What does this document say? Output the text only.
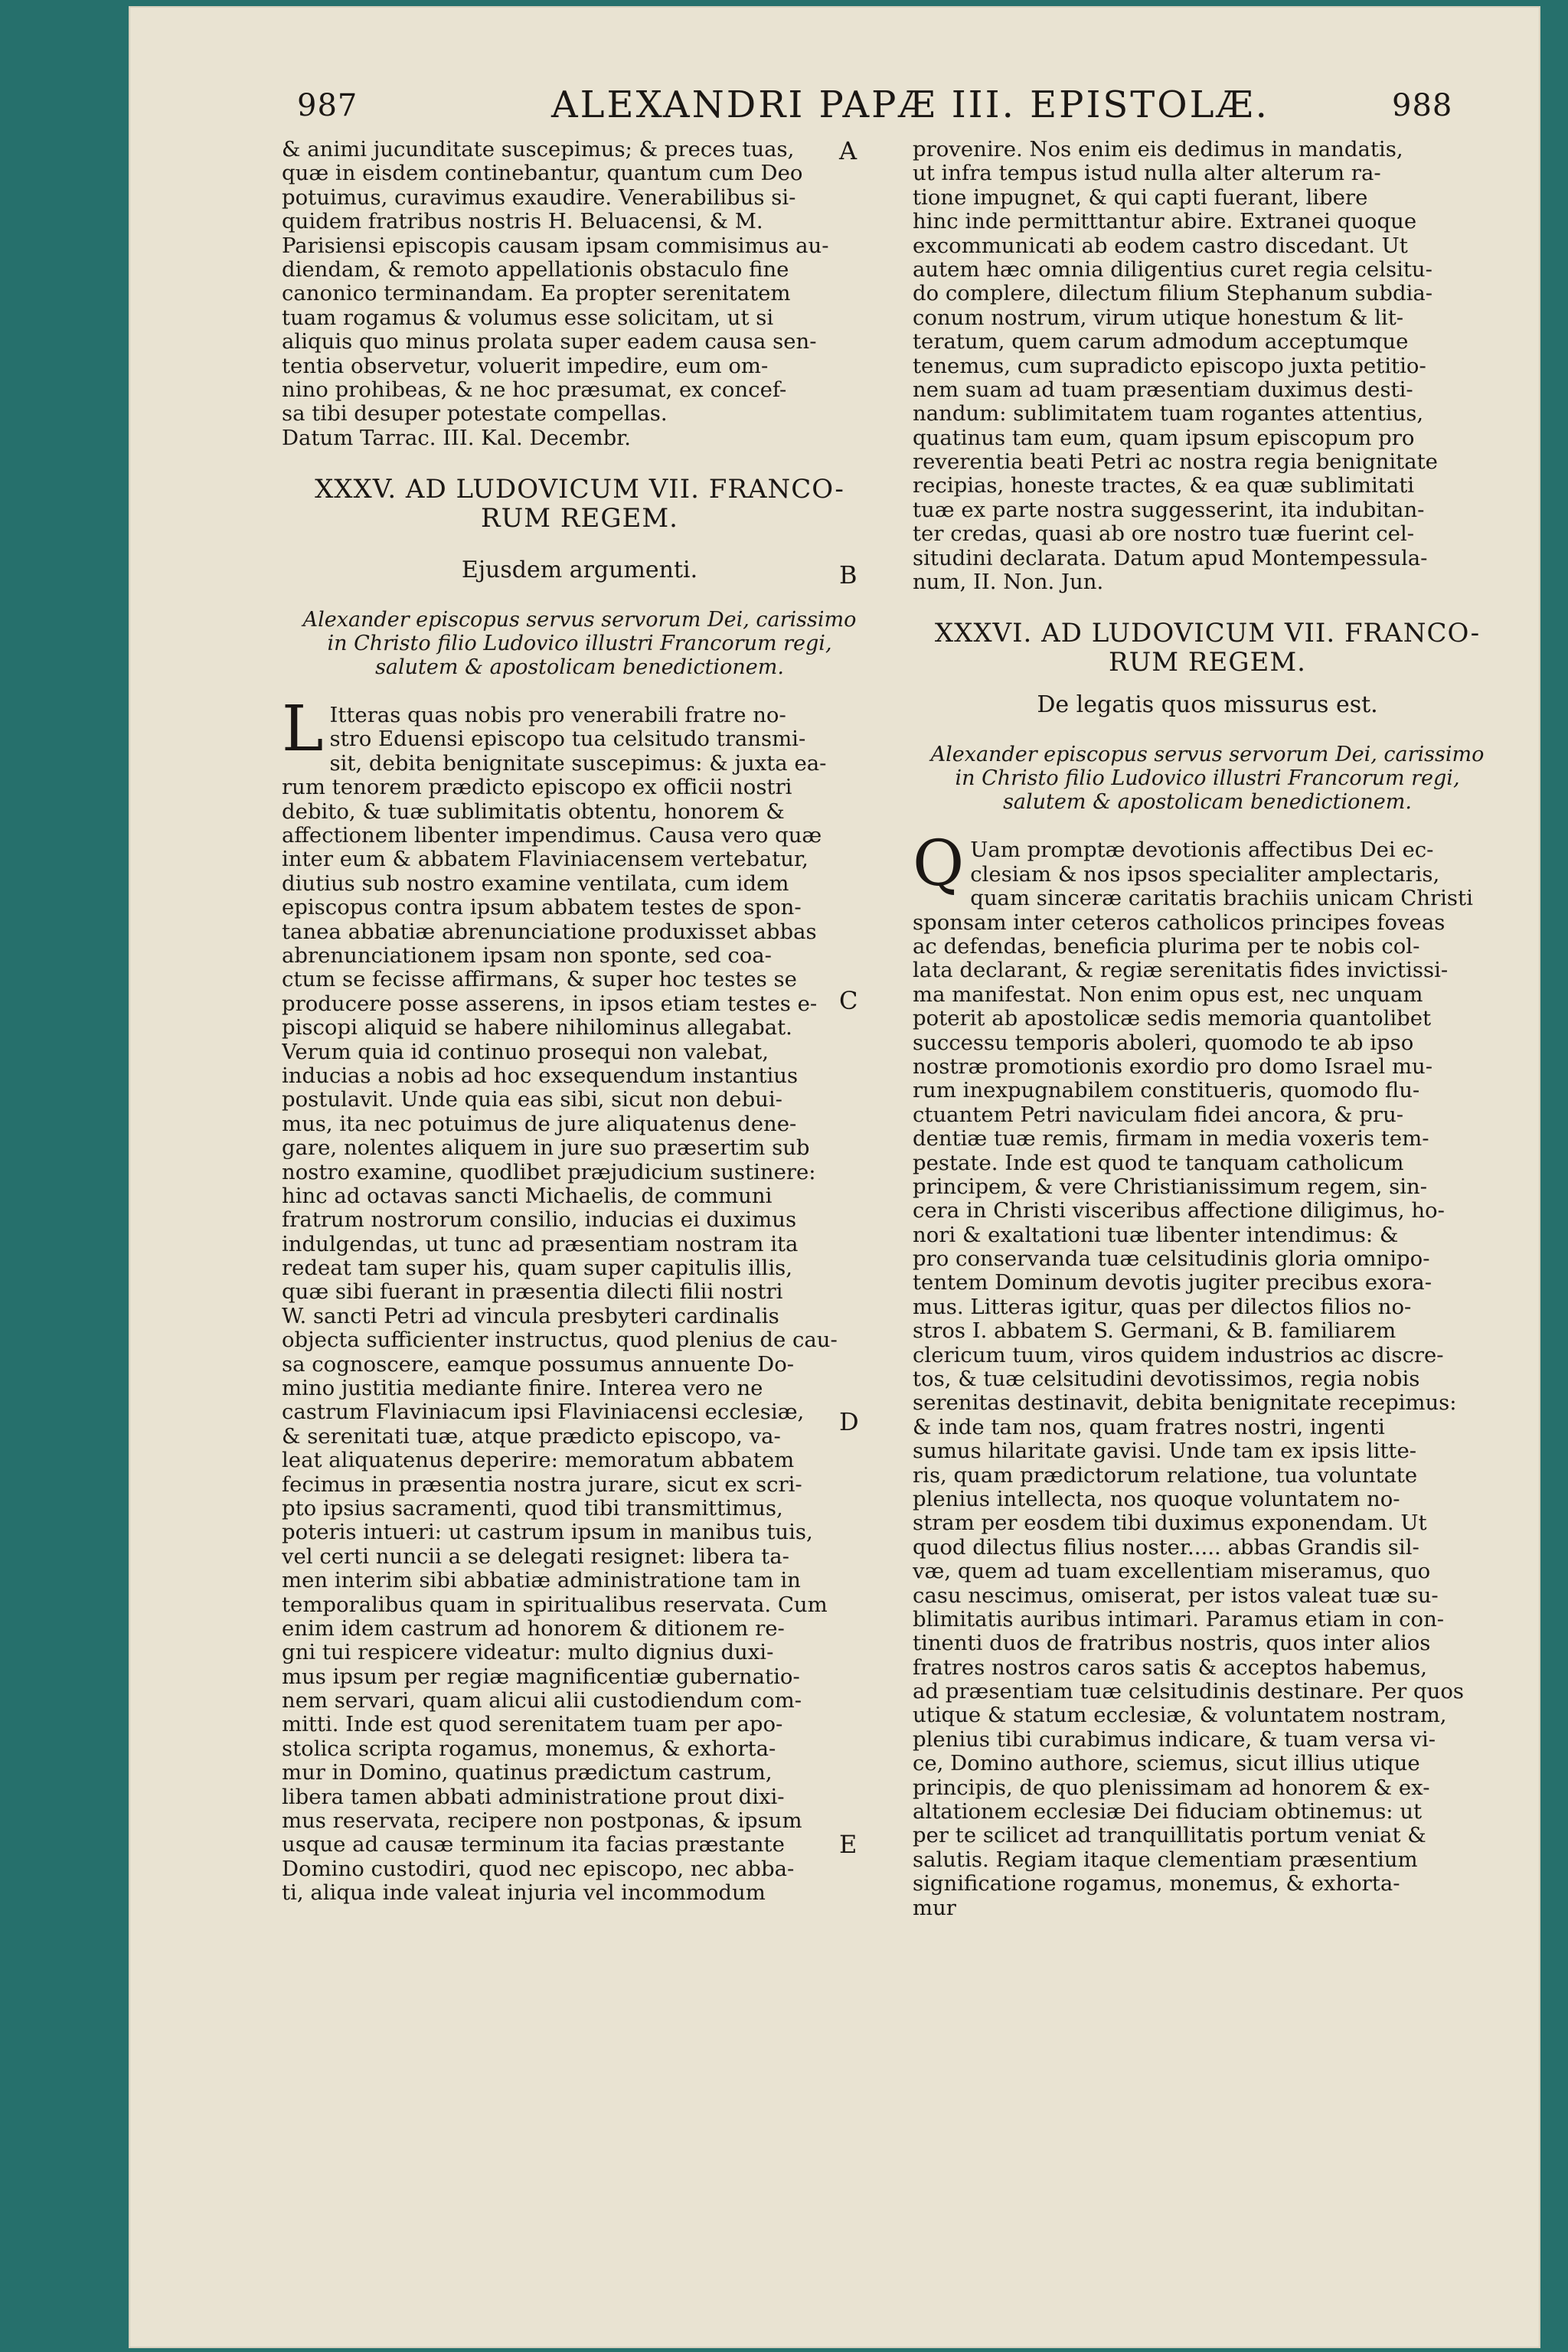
987	ALEXANDRI PAPÆ III. EPISTOLÆ.	988
A
B
C
D
E
& animi jucunditate suscepimus; & preces tuas,
quæ in eisdem continebantur, quantum cum Deo
potuimus, curavimus exaudire. Venerabilibus si-
quidem fratribus nostris H. Beluacensi, & M.
Parisiensi episcopis causam ipsam commisimus au-
diendam, & remoto appellationis obstaculo fine
canonico terminandam. Ea propter serenitatem
tuam rogamus & volumus esse solicitam, ut si
aliquis quo minus prolata super eadem causa sen-
tentia observetur, voluerit impedire, eum om-
nino prohibeas, & ne hoc præsumat, ex concef-
sa tibi desuper potestate compellas.
Datum Tarrac. III. Kal. Decembr.
XXXV. AD LUDOVICUM VII. FRANCO-
RUM REGEM.
Ejusdem argumenti.
Alexander episcopus servus servorum Dei, carissimo
in Christo filio Ludovico illustri Francorum regi,
salutem & apostolicam benedictionem.
L Itteras quas nobis pro venerabili fratre no-
stro Eduensi episcopo tua celsitudo transmi-
sit, debita benignitate suscepimus: & juxta ea-
rum tenorem prædicto episcopo ex officii nostri
debito, & tuæ sublimitatis obtentu, honorem &
affectionem libenter impendimus. Causa vero quæ
inter eum & abbatem Flaviniacensem vertebatur,
diutius sub nostro examine ventilata, cum idem
episcopus contra ipsum abbatem testes de spon-
tanea abbatiæ abrenunciatione produxisset abbas
abrenunciationem ipsam non sponte, sed coa-
ctum se fecisse affirmans, & super hoc testes se
producere posse asserens, in ipsos etiam testes e-
piscopi aliquid se habere nihilominus allegabat.
Verum quia id continuo prosequi non valebat,
inducias a nobis ad hoc exsequendum instantius
postulavit. Unde quia eas sibi, sicut non debui-
mus, ita nec potuimus de jure aliquatenus dene-
gare, nolentes aliquem in jure suo præsertim sub
nostro examine, quodlibet præjudicium sustinere:
hinc ad octavas sancti Michaelis, de communi
fratrum nostrorum consilio, inducias ei duximus
indulgendas, ut tunc ad præsentiam nostram ita
redeat tam super his, quam super capitulis illis,
quæ sibi fuerant in præsentia dilecti filii nostri
W. sancti Petri ad vincula presbyteri cardinalis
objecta sufficienter instructus, quod plenius de cau-
sa cognoscere, eamque possumus annuente Do-
mino justitia mediante finire. Interea vero ne
castrum Flaviniacum ipsi Flaviniacensi ecclesiæ,
& serenitati tuæ, atque prædicto episcopo, va-
leat aliquatenus deperire: memoratum abbatem
fecimus in præsentia nostra jurare, sicut ex scri-
pto ipsius sacramenti, quod tibi transmittimus,
poteris intueri: ut castrum ipsum in manibus tuis,
vel certi nuncii a se delegati resignet: libera ta-
men interim sibi abbatiæ administratione tam in
temporalibus quam in spiritualibus reservata. Cum
enim idem castrum ad honorem & ditionem re-
gni tui respicere videatur: multo dignius duxi-
mus ipsum per regiæ magnificentiæ gubernatio-
nem servari, quam alicui alii custodiendum com-
mitti. Inde est quod serenitatem tuam per apo-
stolica scripta rogamus, monemus, & exhorta-
mur in Domino, quatinus prædictum castrum,
libera tamen abbati administratione prout dixi-
mus reservata, recipere non postponas, & ipsum
usque ad causæ terminum ita facias præstante
Domino custodiri, quod nec episcopo, nec abba-
ti, aliqua inde valeat injuria vel incommodum
provenire. Nos enim eis dedimus in mandatis,
ut infra tempus istud nulla alter alterum ra-
tione impugnet, & qui capti fuerant, libere
hinc inde permitttantur abire. Extranei quoque
excommunicati ab eodem castro discedant. Ut
autem hæc omnia diligentius curet regia celsitu-
do complere, dilectum filium Stephanum subdia-
conum nostrum, virum utique honestum & lit-
teratum, quem carum admodum acceptumque
tenemus, cum supradicto episcopo juxta petitio-
nem suam ad tuam præsentiam duximus desti-
nandum: sublimitatem tuam rogantes attentius,
quatinus tam eum, quam ipsum episcopum pro
reverentia beati Petri ac nostra regia benignitate
recipias, honeste tractes, & ea quæ sublimitati
tuæ ex parte nostra suggesserint, ita indubitan-
ter credas, quasi ab ore nostro tuæ fuerint cel-
situdini declarata. Datum apud Montempessula-
num, II. Non. Jun.
XXXVI. AD LUDOVICUM VII. FRANCO-
RUM REGEM.
De legatis quos missurus est.
Alexander episcopus servus servorum Dei, carissimo
in Christo filio Ludovico illustri Francorum regi,
salutem & apostolicam benedictionem.
Q Uam promptæ devotionis affectibus Dei ec-
clesiam & nos ipsos specialiter amplectaris,
quam sinceræ caritatis brachiis unicam Christi
sponsam inter ceteros catholicos principes foveas
ac defendas, beneficia plurima per te nobis col-
lata declarant, & regiæ serenitatis fides invictissi-
ma manifestat. Non enim opus est, nec unquam
poterit ab apostolicæ sedis memoria quantolibet
successu temporis aboleri, quomodo te ab ipso
nostræ promotionis exordio pro domo Israel mu-
rum inexpugnabilem constitueris, quomodo flu-
ctuantem Petri naviculam fidei ancora, & pru-
dentiæ tuæ remis, firmam in media voxeris tem-
pestate. Inde est quod te tanquam catholicum
principem, & vere Christianissimum regem, sin-
cera in Christi visceribus affectione diligimus, ho-
nori & exaltationi tuæ libenter intendimus: &
pro conservanda tuæ celsitudinis gloria omnipo-
tentem Dominum devotis jugiter precibus exora-
mus. Litteras igitur, quas per dilectos filios no-
stros I. abbatem S. Germani, & B. familiarem
clericum tuum, viros quidem industrios ac discre-
tos, & tuæ celsitudini devotissimos, regia nobis
serenitas destinavit, debita benignitate recepimus:
& inde tam nos, quam fratres nostri, ingenti
sumus hilaritate gavisi. Unde tam ex ipsis litte-
ris, quam prædictorum relatione, tua voluntate
plenius intellecta, nos quoque voluntatem no-
stram per eosdem tibi duximus exponendam. Ut
quod dilectus filius noster..... abbas Grandis sil-
væ, quem ad tuam excellentiam miseramus, quo
casu nescimus, omiserat, per istos valeat tuæ su-
blimitatis auribus intimari. Paramus etiam in con-
tinenti duos de fratribus nostris, quos inter alios
fratres nostros caros satis & acceptos habemus,
ad præsentiam tuæ celsitudinis destinare. Per quos
utique & statum ecclesiæ, & voluntatem nostram,
plenius tibi curabimus indicare, & tuam versa vi-
ce, Domino authore, sciemus, sicut illius utique
principis, de quo plenissimam ad honorem & ex-
altationem ecclesiæ Dei fiduciam obtinemus: ut
per te scilicet ad tranquillitatis portum veniat &
salutis. Regiam itaque clementiam præsentium
significatione rogamus, monemus, & exhorta-
mur
